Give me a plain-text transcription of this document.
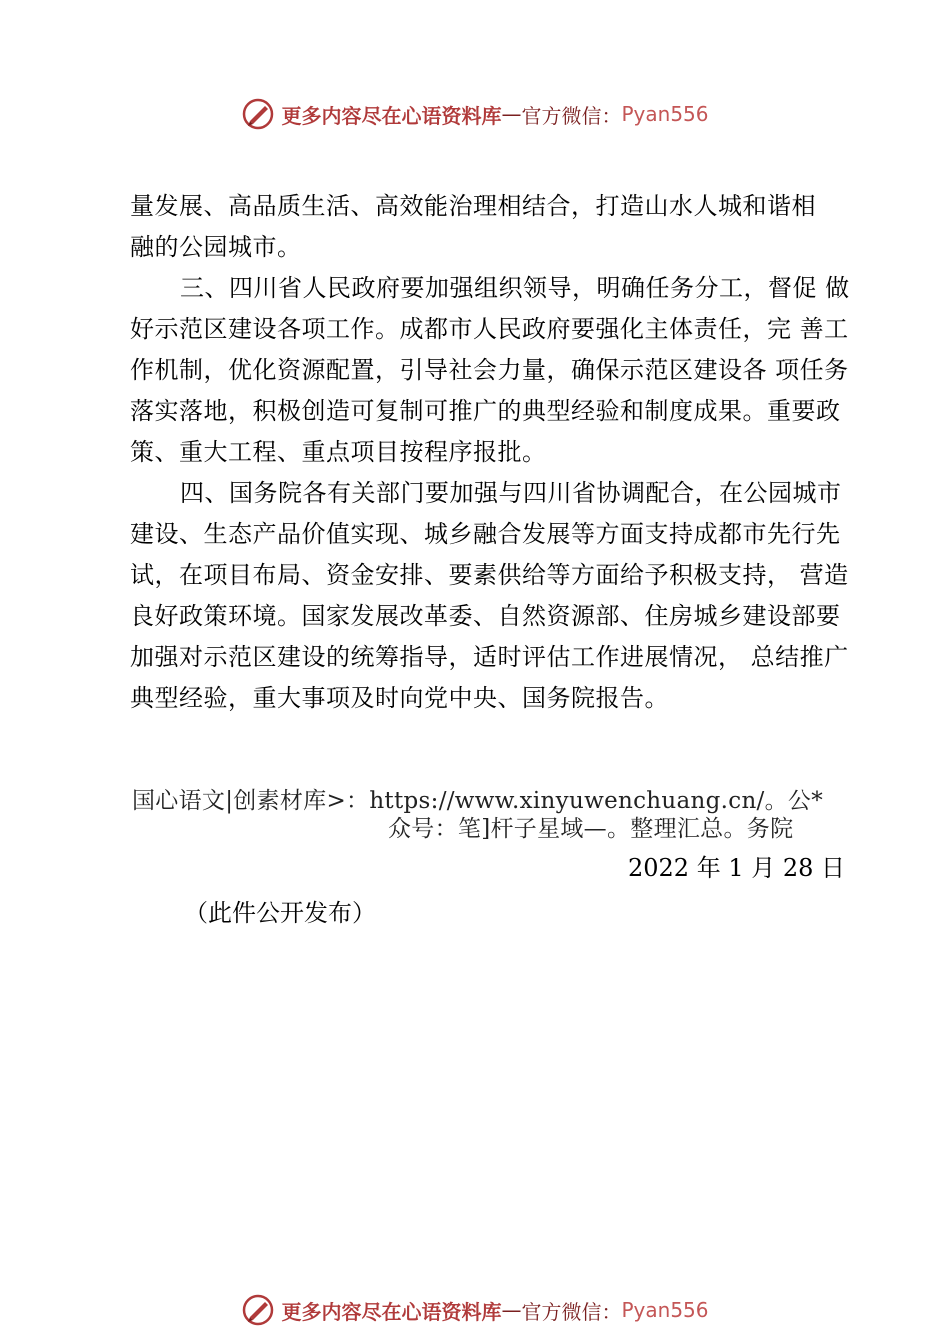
更多内容尽在心语资料库 — 官方微信： Pyan556
量发展、高品质生活、高效能治理相结合，打造山水人城和谐相
融的公园城市。
三、四川省人民政府要加强组织领导，明确任务分工，督促 做
好示范区建设各项工作。成都市人民政府要强化主体责任，完 善工
作机制，优化资源配置，引导社会力量，确保示范区建设各 项任务
落实落地，积极创造可复制可推广的典型经验和制度成果。重要政
策、重大工程、重点项目按程序报批。
四、国务院各有关部门要加强与四川省协调配合，在公园城市
建设、生态产品价值实现、城乡融合发展等方面支持成都市先行先
试，在项目布局、资金安排、要素供给等方面给予积极支持， 营造
良好政策环境。国家发展改革委、自然资源部、住房城乡建设部要
加强对示范区建设的统筹指导，适时评估工作进展情况， 总结推广
典型经验，重大事项及时向党中央、国务院报告。
国心语文|创素材库>：https://www.xinyuwenchuang.cn/。公*
众号：笔]杆子星域—。整理汇总。务院
2022 年 1 月 28 日
（此件公开发布）
更多内容尽在心语资料库 — 官方微信： Pyan556
